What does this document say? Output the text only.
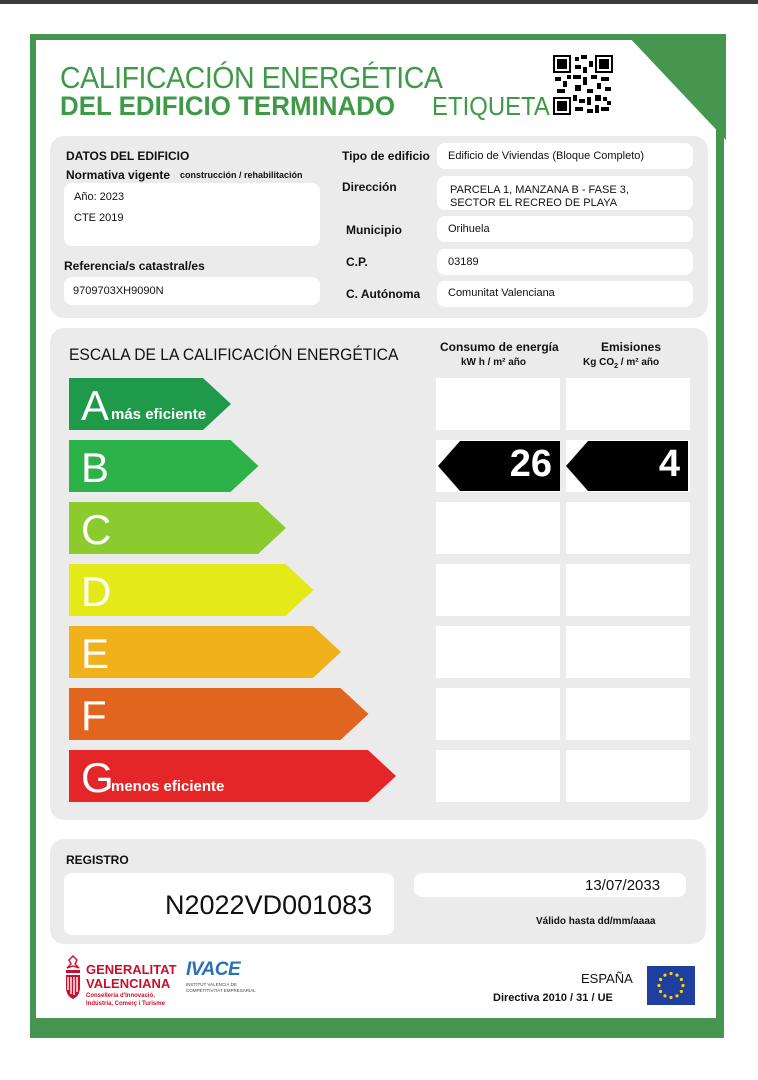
CALIFICACIÓN ENERGÉTICA
DEL EDIFICIO TERMINADO ETIQUETA
DATOS DEL EDIFICIO
Normativa vigente construcción / rehabilitación
Año: 2023
CTE 2019
Referencia/s catastral/es
9709703XH9090N
Tipo de edificio Edificio de Viviendas (Bloque Completo)
Dirección	PARCELA 1, MANZANA B - FASE 3,
SECTOR EL RECREO DE PLAYA
Municipio	Orihuela
C.P.	03189
C. Autónoma	Comunitat Valenciana
ESCALA DE LA CALIFICACIÓN ENERGÉTICA	Consumo de energía
kW h / m² año
Emisiones
Kg $CO_2 / m^2$ año
A más eficiente
B	26	4
C
D
E
F
G
menos eficiente
REGISTRO
N2022VD001083
13/07/2033
Válido hasta dd/mm/aaaa
GENERALITAT
VALENCIANA
Conselleria d'Innovació,
Indústria, Comerç i Turisme
IVACE
INSTITUT VALENCIÀ DE
COMPETITIVITAT EMPRESARIAL
ESPAÑA
Directiva 2010 / 31 / UE
